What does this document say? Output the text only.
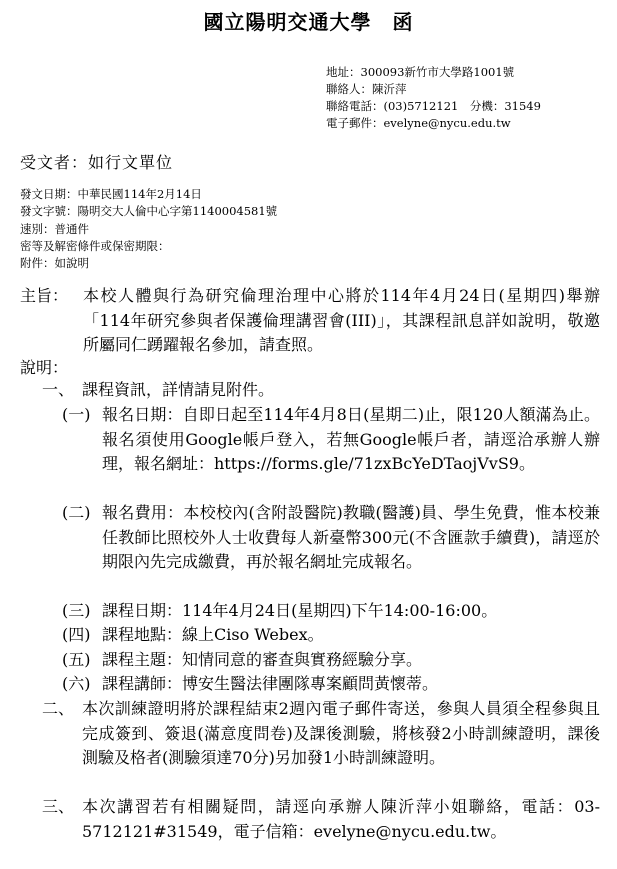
國立陽明交通大學　函
地址：300093新竹市大學路1001號
聯絡人：陳沂萍
聯絡電話：(03)5712121　分機：31549
電子郵件：evelyne@nycu.edu.tw
受文者：如行文單位
發文日期：中華民國114年2月14日
發文字號：陽明交大人倫中心字第1140004581號
速別：普通件
密等及解密條件或保密期限：
附件：如說明
主旨： 本校人體與行為研究倫理治理中心將於114年4月24日(星期四)舉辦「114年研究參與者保護倫理講習會(III)」，其課程訊息詳如說明，敬邀所屬同仁踴躍報名參加，請查照。
說明：
一、 課程資訊，詳情請見附件。
(一) 報名日期：自即日起至114年4月8日(星期二)止，限120人額滿為止。報名須使用Google帳戶登入，若無Google帳戶者，請逕洽承辦人辦理，報名網址：https://forms.gle/71zxBcYeDTaojVvS9。
(二) 報名費用：本校校內(含附設醫院)教職(醫護)員、學生免費，惟本校兼任教師比照校外人士收費每人新臺幣300元(不含匯款手續費)，請逕於期限內先完成繳費，再於報名網址完成報名。
(三) 課程日期：114年4月24日(星期四)下午14:00-16:00。
(四) 課程地點：線上Ciso Webex。
(五) 課程主題：知情同意的審查與實務經驗分享。
(六) 課程講師：博安生醫法律團隊專案顧問黃懷蒂。
二、 本次訓練證明將於課程結束2週內電子郵件寄送，參與人員須全程參與且完成簽到、簽退(滿意度問卷)及課後測驗，將核發2小時訓練證明，課後測驗及格者(測驗須達70分)另加發1小時訓練證明。
三、 本次講習若有相關疑問，請逕向承辦人陳沂萍小姐聯絡，電話：03-5712121#31549，電子信箱：evelyne@nycu.edu.tw。
